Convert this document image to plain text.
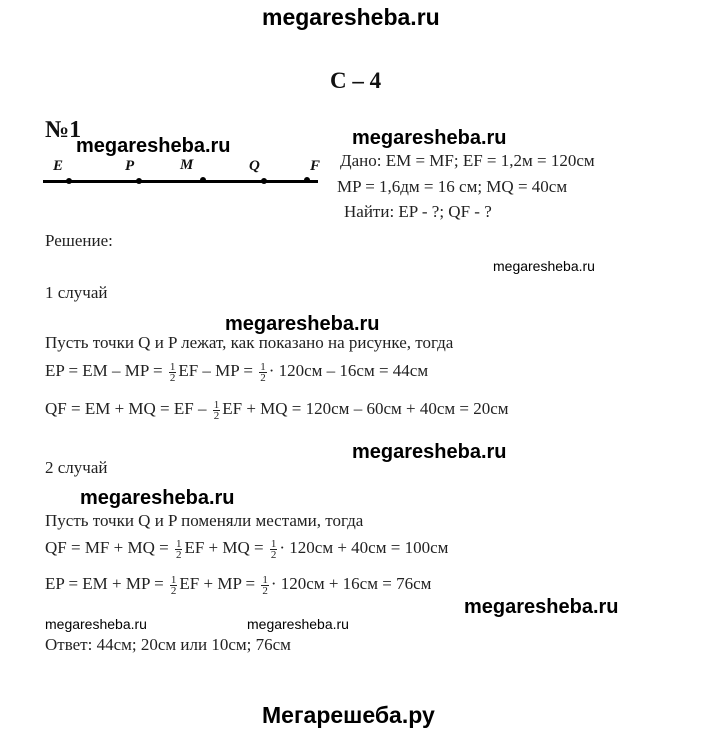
megaresheba.ru
С – 4
№1
megaresheba.ru	megaresheba.ru
E	P	M	Q	F Дано: EM = MF; EF = 1,2м = 120см
MP = 1,6дм = 16 см; MQ = 40см
Найти: EP - ?; QF - ?
Решение:
megaresheba.ru
1 случай
megaresheba.ru
Пусть точки Q и P лежат, как показано на рисунке, тогда
EP = EM – MP = $\frac{1}{2}$ EF – MP = $\frac{1}{2} \cdot 120см - 16см = 44см$
QF = EM + MQ = EF – $\frac{1}{2}$ EF + MQ = 120см – 60см + 40см = 20см
megaresheba.ru
2 случай
megaresheba.ru
Пусть точки Q и P поменяли местами, тогда
QF = MF + MQ = $\frac{1}{2}$ EF + MQ = $\frac{1}{2} \cdot 120см + 40см = 100см$
EP = EM + MP = $\frac{1}{2}$ EF + MP = $\frac{1}{2} \cdot 120см + 16см = 76см$
megaresheba.ru
megaresheba.ru	megaresheba.ru
Ответ: 44см; 20см или 10см; 76см
Мегарешеба.ру
